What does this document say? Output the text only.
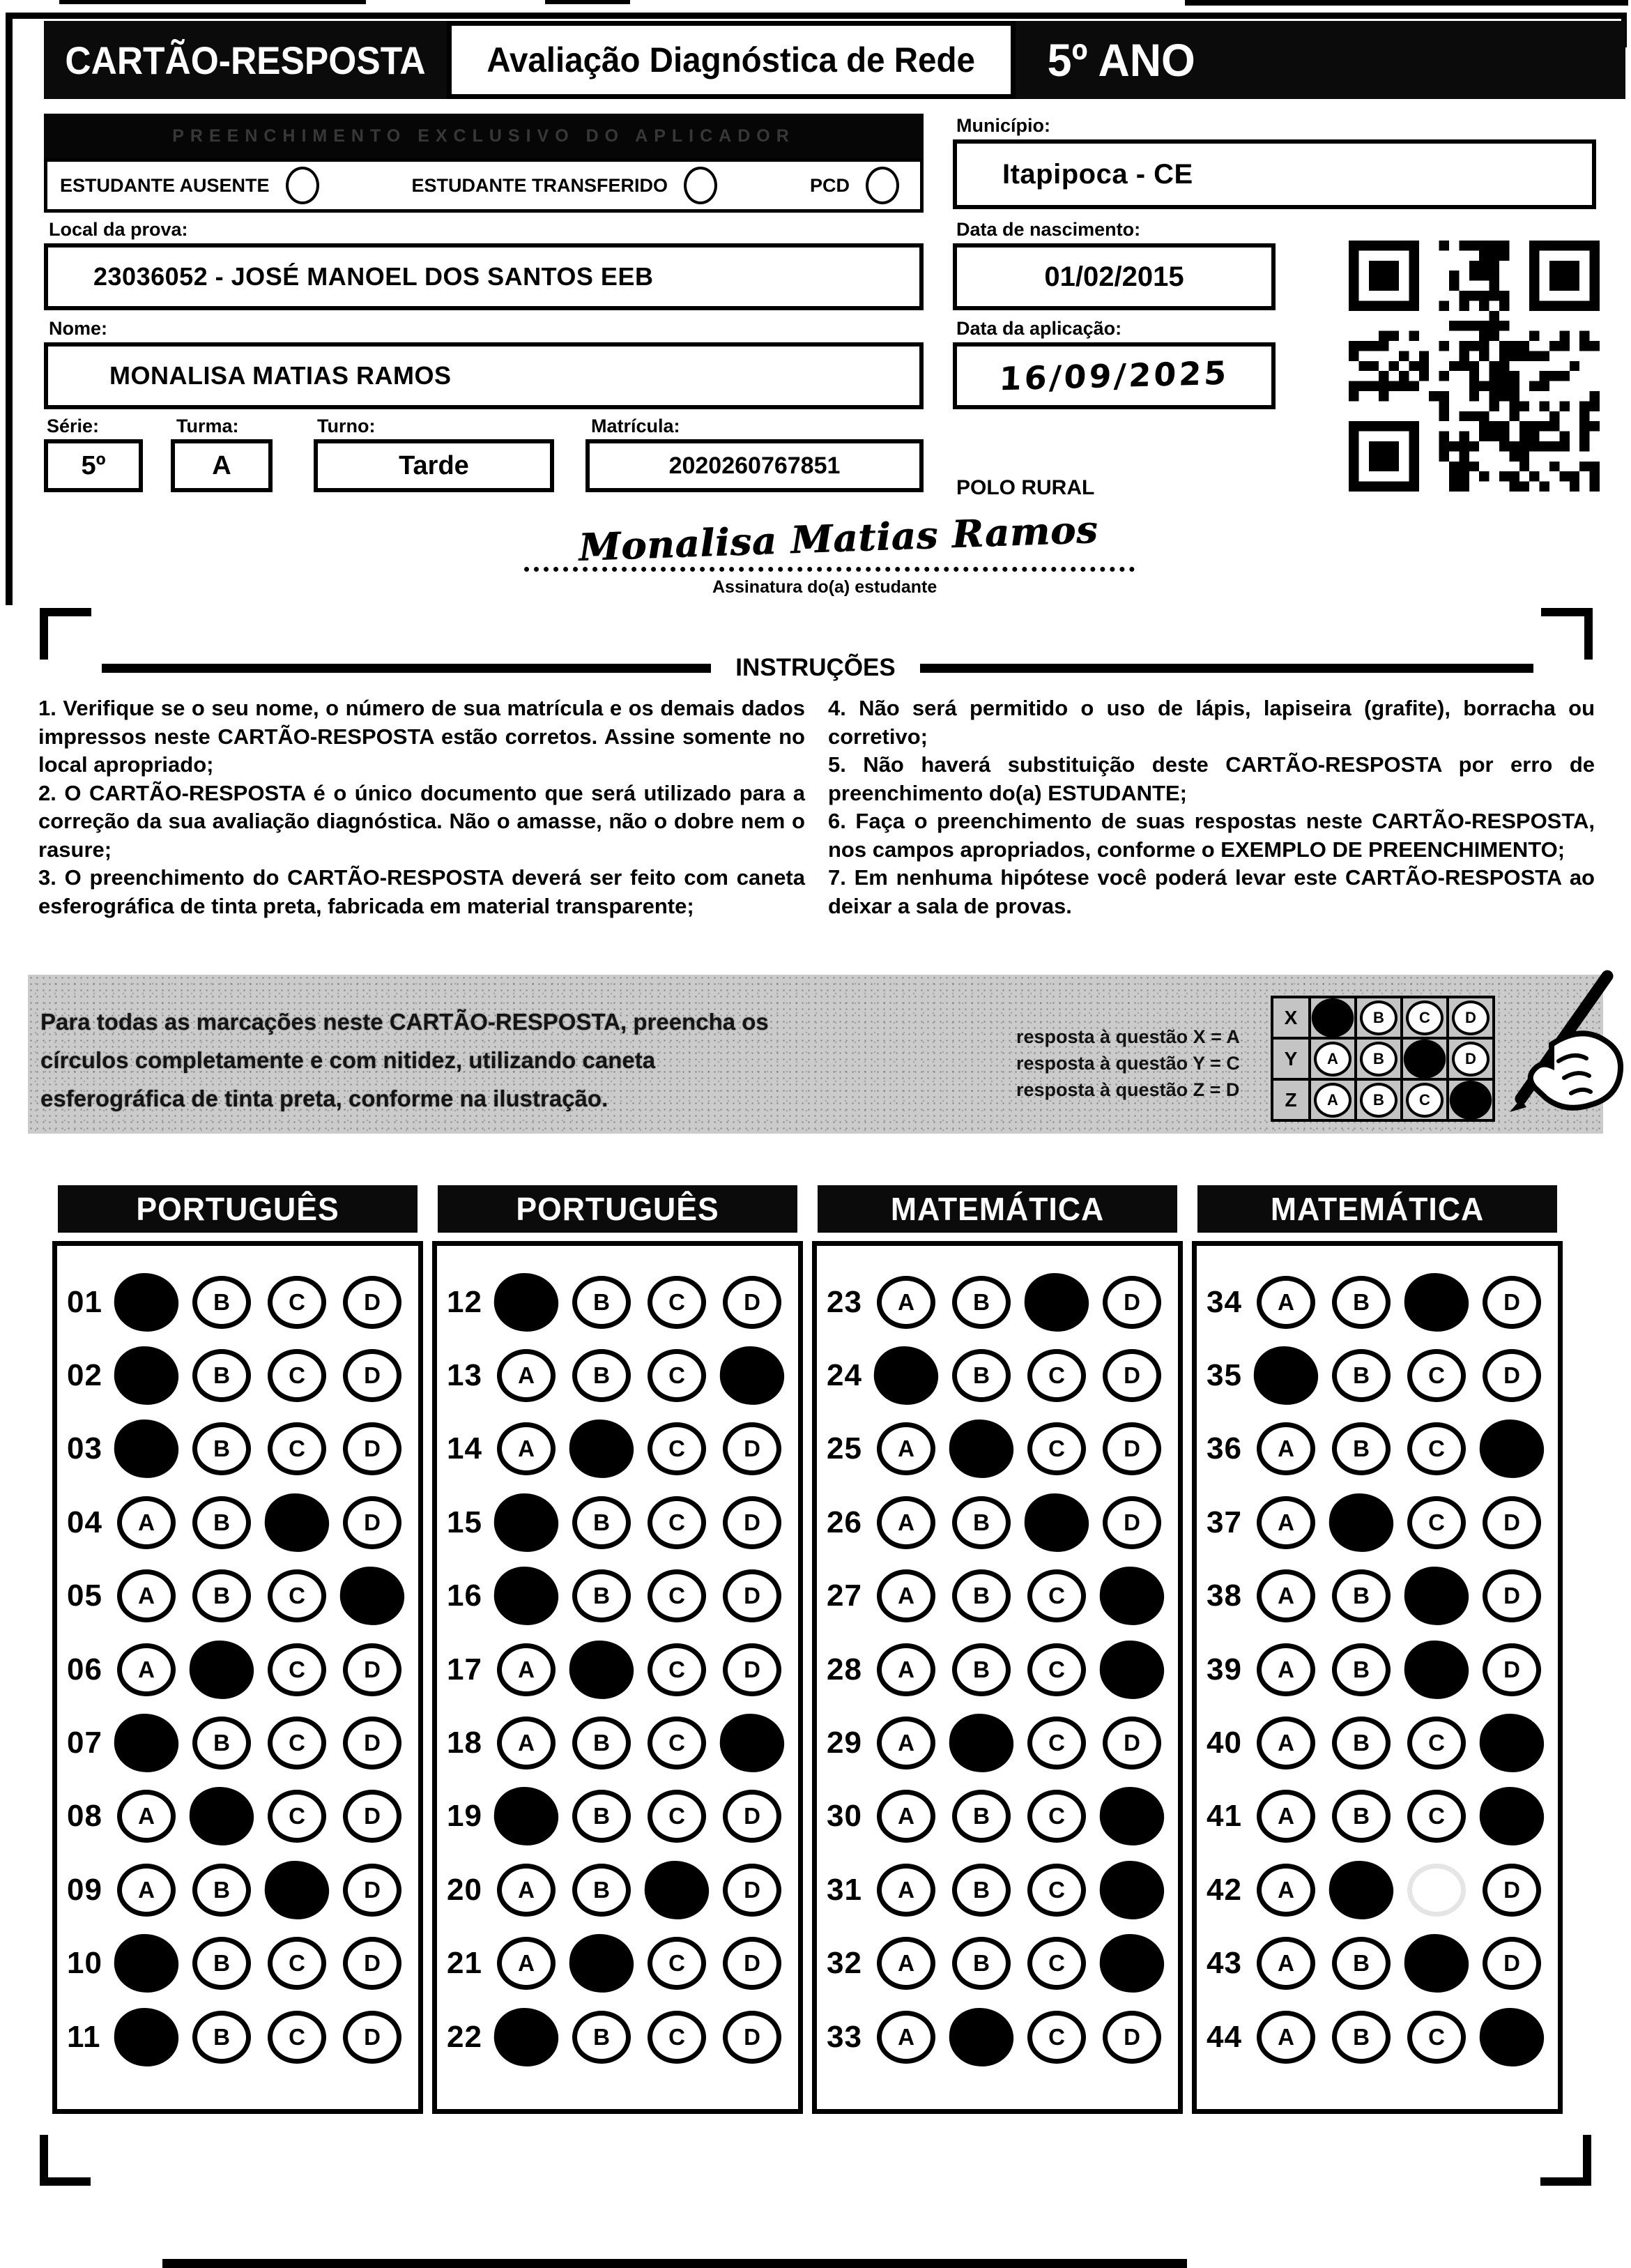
CARTÃO-RESPOSTA Avaliação Diagnóstica de Rede	5º ANO
PREENCHIMENTO EXCLUSIVO DO APLICADOR
ESTUDANTE AUSENTE	ESTUDANTE TRANSFERIDO	PCD
Local da prova:
23036052 - JOSÉ MANOEL DOS SANTOS EEB
Nome:
MONALISA MATIAS RAMOS
Série:	Turma:	Turno:	Matrícula:
5º	A	Tarde	2020260767851
Município:
Itapipoca - CE
Data de nascimento:
01/02/2015
Data da aplicação:
16/09/2025
POLO RURAL
Monalisa Matias Ramos
Assinatura do(a) estudante
INSTRUÇÕES

1. Verifique se o seu nome, o número de sua matrícula e os demais dados impressos neste CARTÃO-RESPOSTA estão corretos. Assine somente no local apropriado;

2. O CARTÃO-RESPOSTA é o único documento que será utilizado para a correção da sua avaliação diagnóstica. Não o amasse, não o dobre nem o rasure;

3. O preenchimento do CARTÃO-RESPOSTA deverá ser feito com caneta esferográfica de tinta preta, fabricada em material transparente;

4. Não será permitido o uso de lápis, lapiseira (grafite), borracha ou corretivo;

5. Não haverá substituição deste CARTÃO-RESPOSTA por erro de preenchimento do(a) ESTUDANTE;

6. Faça o preenchimento de suas respostas neste CARTÃO-RESPOSTA, nos campos apropriados, conforme o EXEMPLO DE PREENCHIMENTO;

7. Em nenhuma hipótese você poderá levar este CARTÃO-RESPOSTA ao deixar a sala de provas.

Para todas as marcações neste CARTÃO-RESPOSTA, preencha os círculos completamente e com nitidez, utilizando caneta esferográfica de tinta preta, conforme na ilustração.
resposta à questão X = A
resposta à questão Y = C
resposta à questão Z = D
X		B	C	D

Y	A	B		D

Z	A	B	C

PORTUGUÊS
01	B	C	D
02	B	C	D
03	B	C	D
04	A	B	D
05	A	B	C
06	A	C	D
07	B	C	D
08	A	C	D
09	A	B	D
10	B	C	D
11	B	C	D
PORTUGUÊS
12	B	C	D
13	A	B	C
14	A	C	D
15	B	C	D
16	B	C	D
17	A	C	D
18	A	B	C
19	B	C	D
20	A	B	D
21	A	C	D
22	B	C	D
MATEMÁTICA
23	A	B	D
24	B	C	D
25	A	C	D
26	A	B	D
27	A	B	C
28	A	B	C
29	A	C	D
30	A	B	C
31	A	B	C
32	A	B	C
33	A	C	D
MATEMÁTICA
34	A	B	D
35	B	C	D
36	A	B	C
37	A	C	D
38	A	B	D
39	A	B	D
40	A	B	C
41	A	B	C
42	A	D
43	A	B	D
44	A	B	C
